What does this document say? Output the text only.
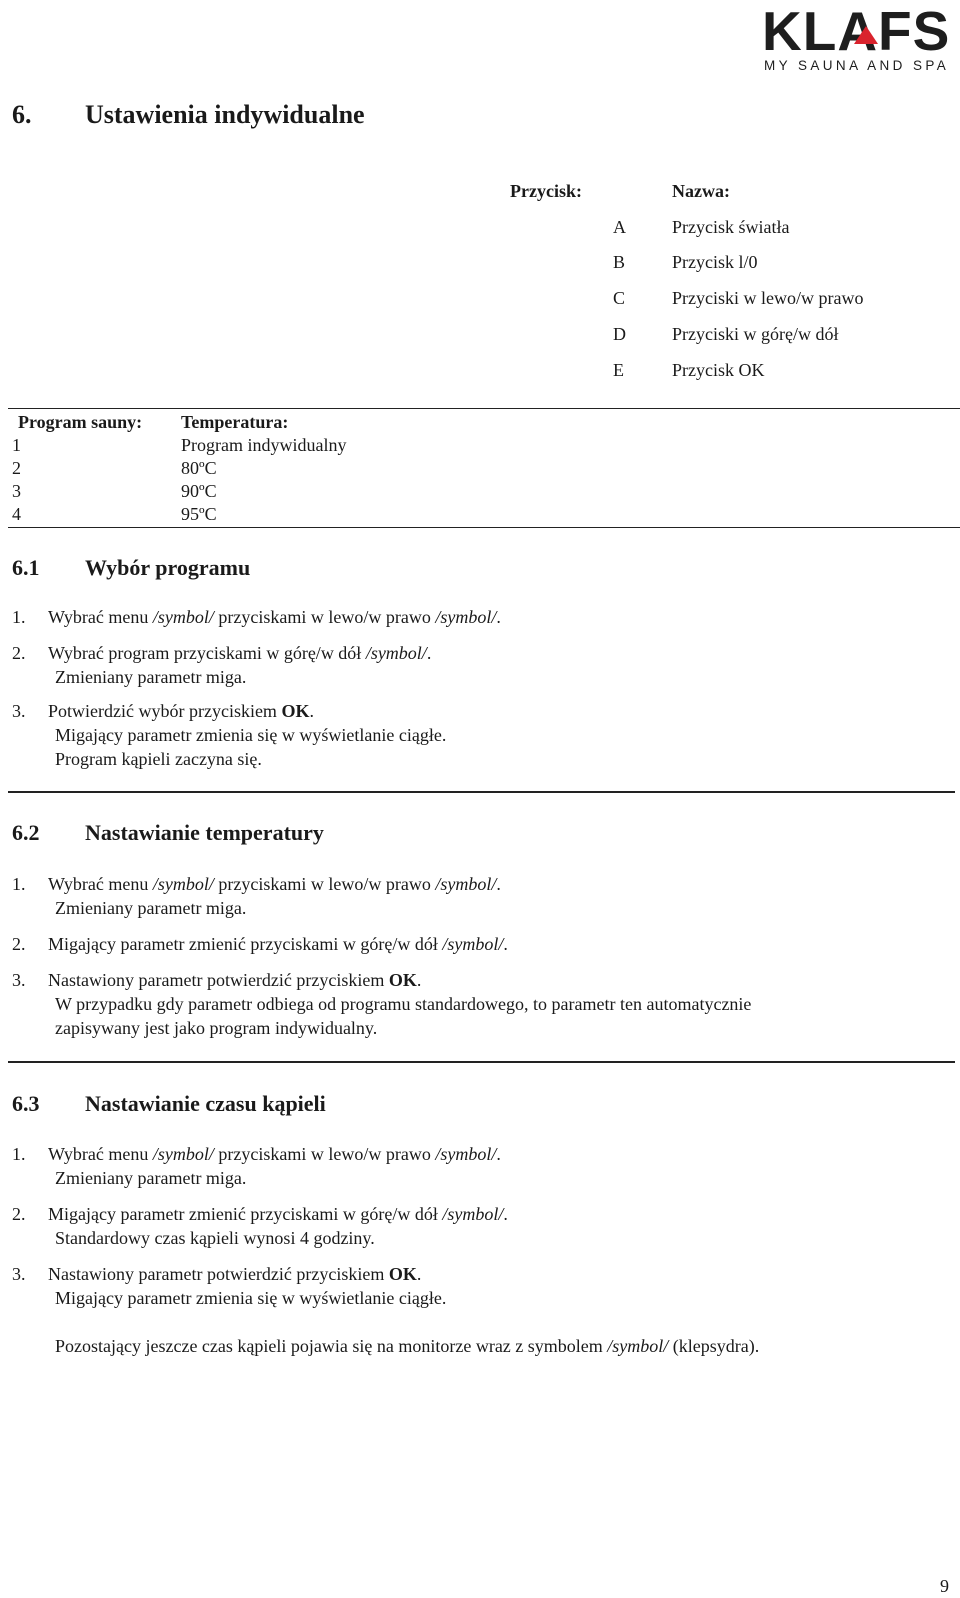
KLAFS
MY SAUNA AND SPA
6. Ustawienia indywidualne
Przycisk:	Nazwa:
A	Przycisk światła
B	Przycisk l/0
C	Przyciski w lewo/w prawo
D	Przyciski w górę/w dół
E	Przycisk OK
Program sauny: Temperatura:
1	Program indywidualny
2	80ºC
3	90ºC
4	95ºC
6.1 Wybór programu
1. Wybrać menu /symbol/ przyciskami w lewo/w prawo /symbol/.
2. Wybrać program przyciskami w górę/w dół /symbol/.
Zmieniany parametr miga.
3. Potwierdzić wybór przyciskiem OK.
Migający parametr zmienia się w wyświetlanie ciągłe.
Program kąpieli zaczyna się.
6.2 Nastawianie temperatury
1. Wybrać menu /symbol/ przyciskami w lewo/w prawo /symbol/.
Zmieniany parametr miga.
2. Migający parametr zmienić przyciskami w górę/w dół /symbol/.
3. Nastawiony parametr potwierdzić przyciskiem OK.
W przypadku gdy parametr odbiega od programu standardowego, to parametr ten automatycznie
zapisywany jest jako program indywidualny.
6.3 Nastawianie czasu kąpieli
1. Wybrać menu /symbol/ przyciskami w lewo/w prawo /symbol/.
Zmieniany parametr miga.
2. Migający parametr zmienić przyciskami w górę/w dół /symbol/.
Standardowy czas kąpieli wynosi 4 godziny.
3. Nastawiony parametr potwierdzić przyciskiem OK.
Migający parametr zmienia się w wyświetlanie ciągłe.
Pozostający jeszcze czas kąpieli pojawia się na monitorze wraz z symbolem /symbol/ (klepsydra).
9
